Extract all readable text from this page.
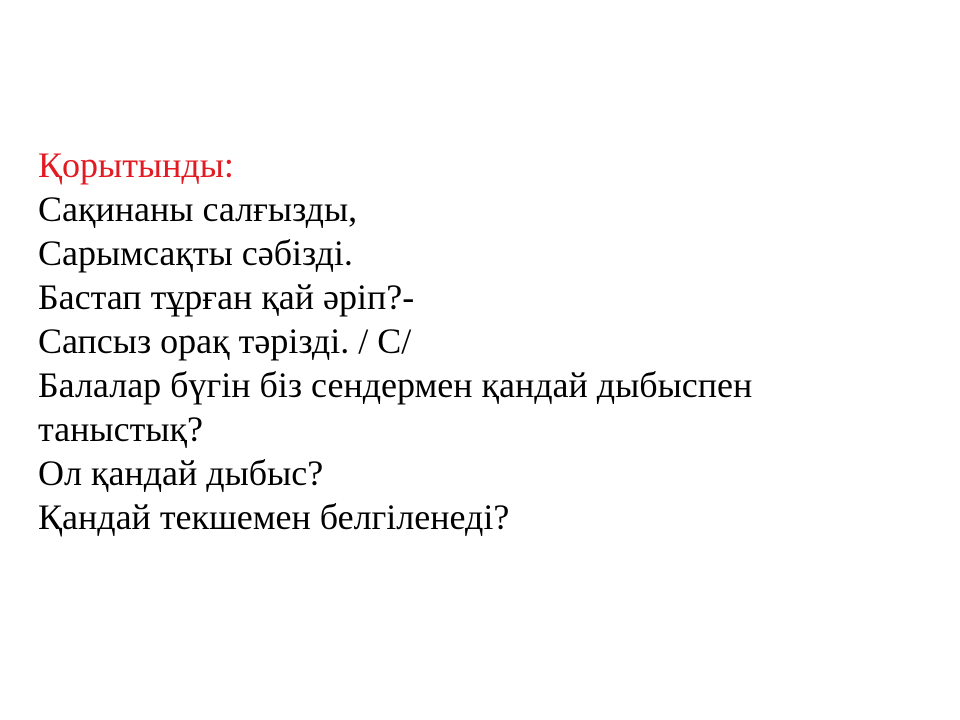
Қорытынды:
Сақинаны салғызды,
Сарымсақты сәбізді.
Бастап тұрған қай әріп?-
Сапсыз орақ тәрізді. / С/
Балалар бүгін біз сендермен қандай дыбыспен
таныстық?
Ол қандай дыбыс?
Қандай текшемен белгіленеді?
